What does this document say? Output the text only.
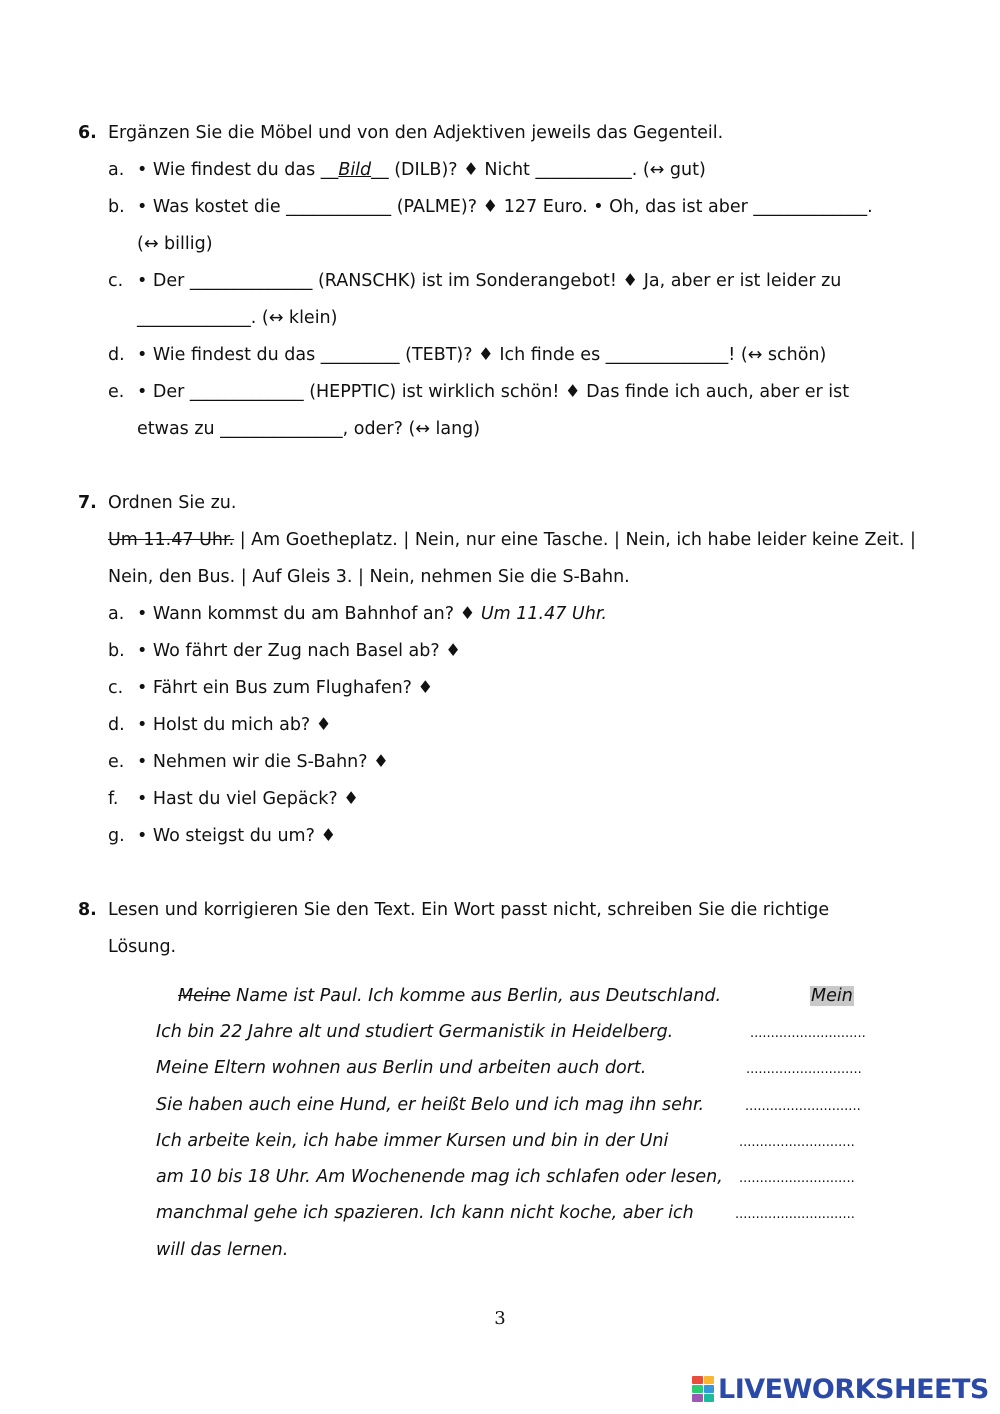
6. Ergänzen Sie die Möbel und von den Adjektiven jeweils das Gegenteil.
a. • Wie findest du das __Bild__ (DILB)? ♦ Nicht ___________. (↔ gut)
b. • Was kostet die ____________ (PALME)? ♦ 127 Euro. • Oh, das ist aber _____________.
(↔ billig)
c. • Der ______________ (RANSCHK) ist im Sonderangebot! ♦ Ja, aber er ist leider zu
_____________. (↔ klein)
d. • Wie findest du das _________ (TEBT)? ♦ Ich finde es ______________! (↔ schön)
e. • Der _____________ (HEPPTIC) ist wirklich schön! ♦ Das finde ich auch, aber er ist
etwas zu ______________, oder? (↔ lang)
7. Ordnen Sie zu.
Um 11.47 Uhr. | Am Goetheplatz. | Nein, nur eine Tasche. | Nein, ich habe leider keine Zeit. |
Nein, den Bus. | Auf Gleis 3. | Nein, nehmen Sie die S-Bahn.
a. • Wann kommst du am Bahnhof an? ♦ Um 11.47 Uhr.
b. • Wo fährt der Zug nach Basel ab? ♦
c. • Fährt ein Bus zum Flughafen? ♦
d. • Holst du mich ab? ♦
e. • Nehmen wir die S-Bahn? ♦
f. • Hast du viel Gepäck? ♦
g. • Wo steigst du um? ♦
8. Lesen und korrigieren Sie den Text. Ein Wort passt nicht, schreiben Sie die richtige
Lösung.
Meine Name ist Paul. Ich komme aus Berlin, aus Deutschland.	Mein
Ich bin 22 Jahre alt und studiert Germanistik in Heidelberg.	............................
Meine Eltern wohnen aus Berlin und arbeiten auch dort.	............................
Sie haben auch eine Hund, er heißt Belo und ich mag ihn sehr.	............................
Ich arbeite kein, ich habe immer Kursen und bin in der Uni	............................
am 10 bis 18 Uhr. Am Wochenende mag ich schlafen oder lesen, ............................
manchmal gehe ich spazieren. Ich kann nicht koche, aber ich	.............................
will das lernen.
3
LIVEWORKSHEETS
